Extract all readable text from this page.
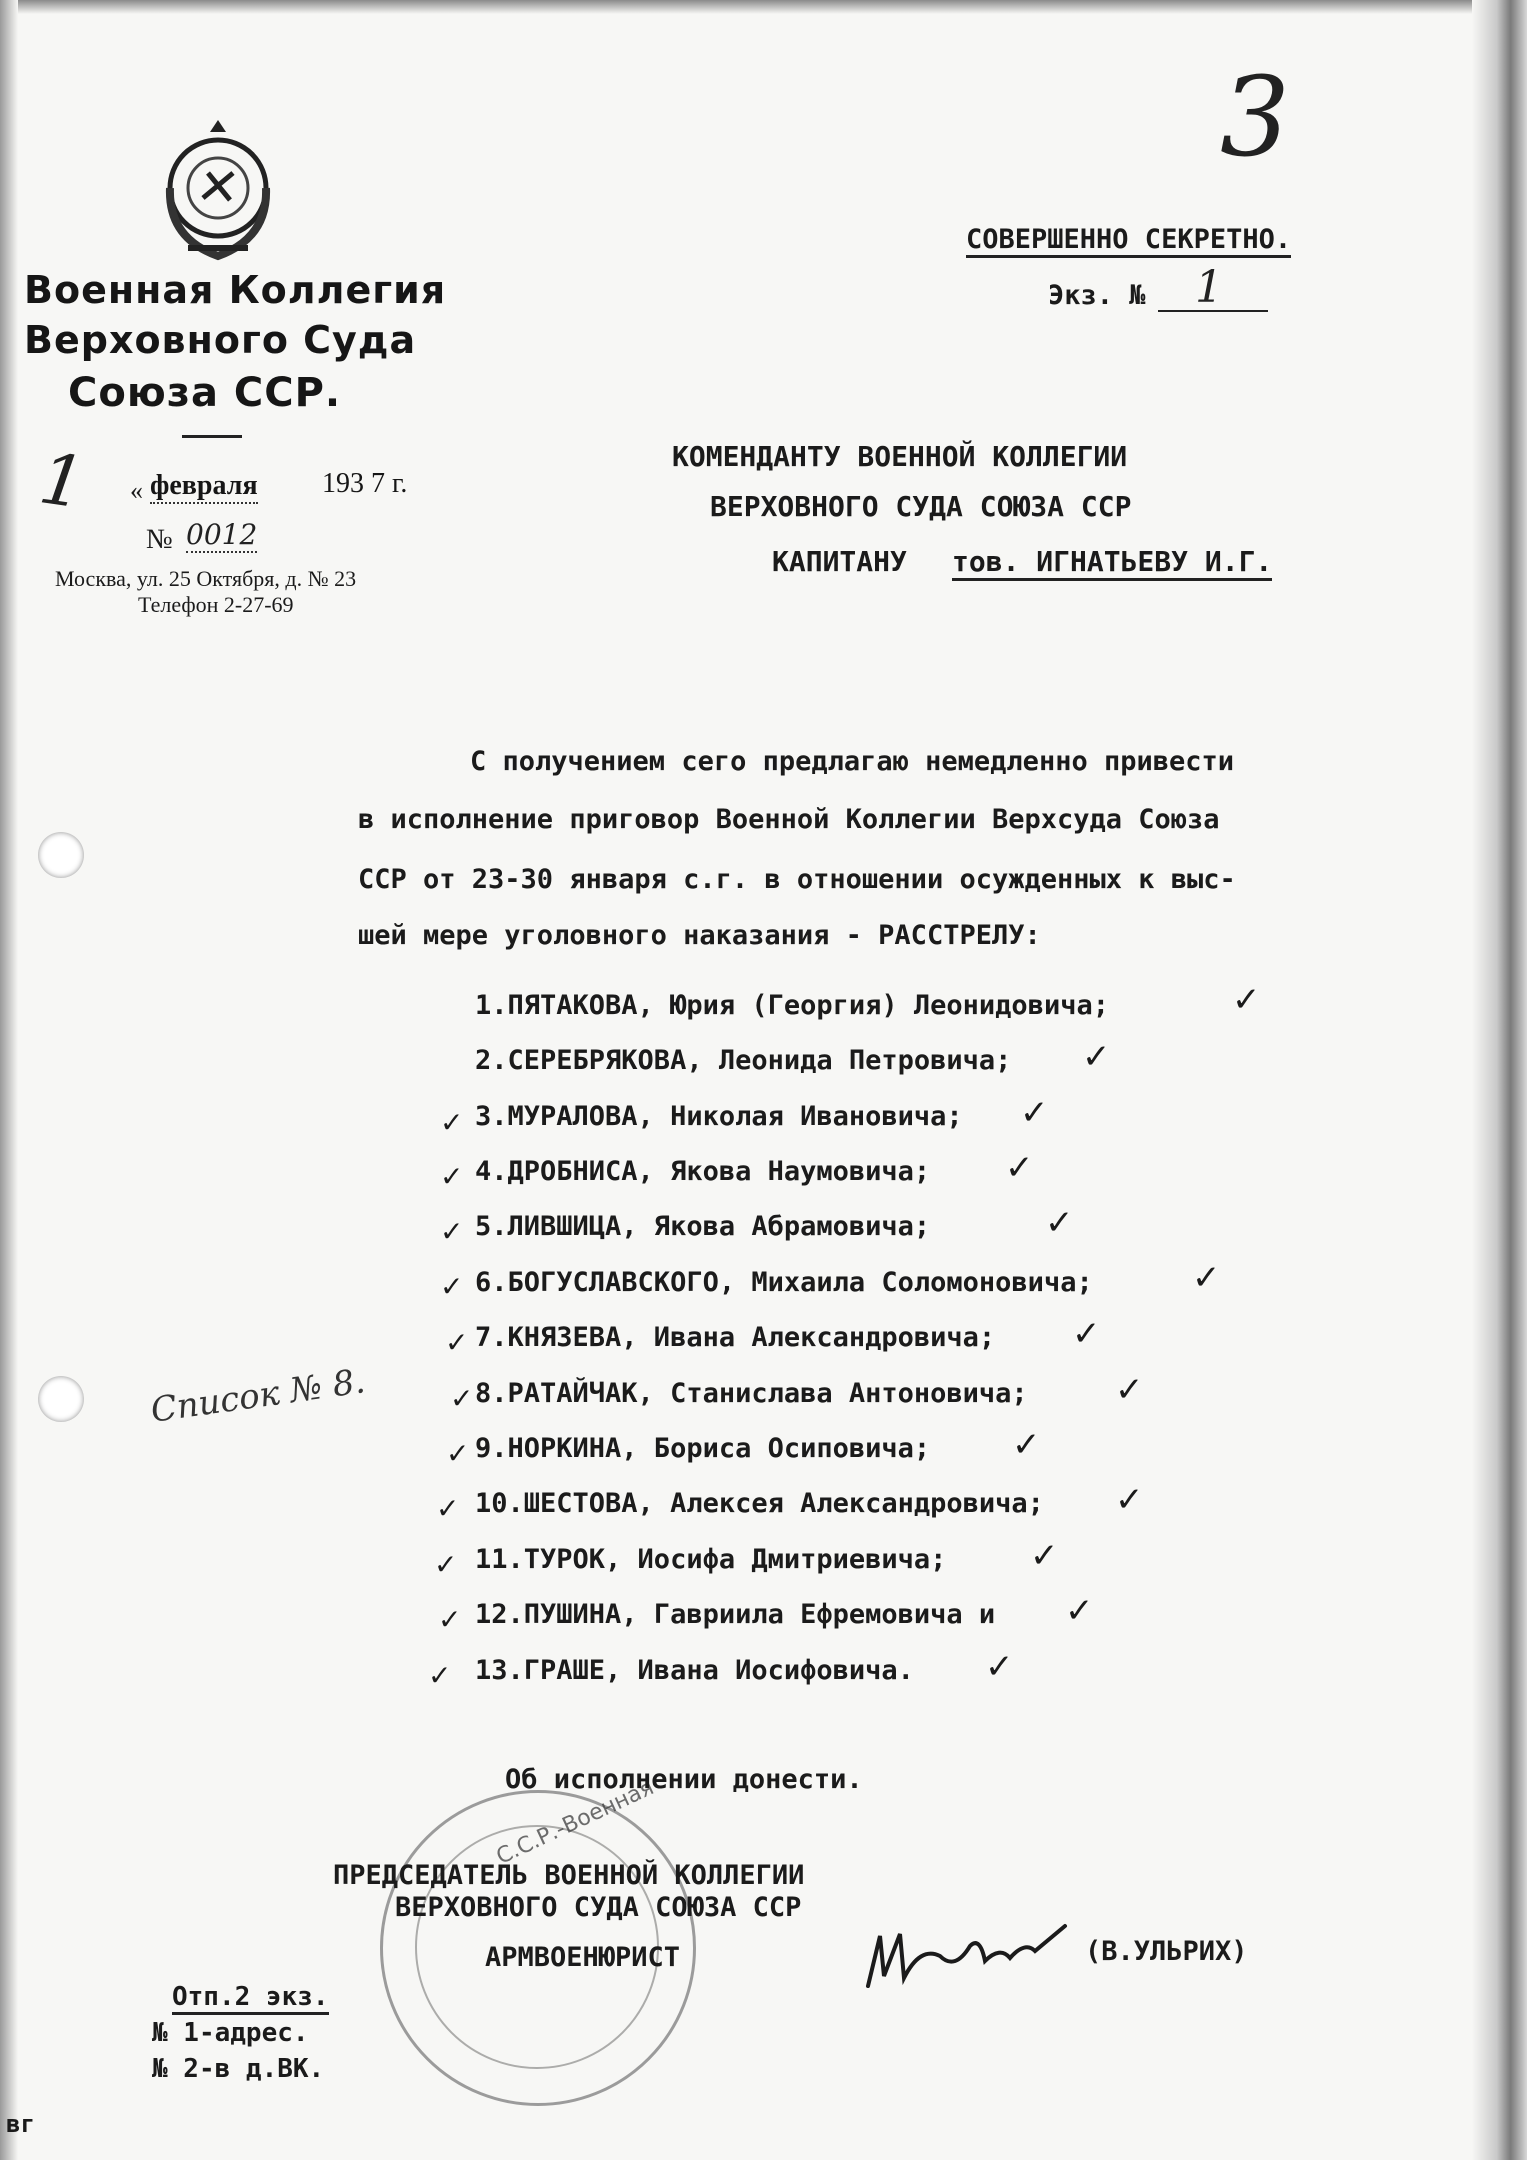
3
Военная Коллегия
Верховного Суда
Союза ССР.
1 « февраля 193 7 г.
№ 0012
Москва, ул. 25 Октября, д. № 23
Телефон 2-27-69
СОВЕРШЕННО СЕКРЕТНО.
Экз. № 1
КОМЕНДАНТУ ВОЕННОЙ КОЛЛЕГИИ
ВЕРХОВНОГО СУДА СОЮЗА ССР
КАПИТАНУ тов. ИГНАТЬЕВУ И.Г.
С получением сего предлагаю немедленно привести
в исполнение приговор Военной Коллегии Верхсуда Союза
ССР от 23-30 января с.г. в отношении осужденных к выс-
шей мере уголовного наказания - РАССТРЕЛУ:
1.ПЯТАКОВА, Юрия (Георгия) Леонидовича;
2.СЕРЕБРЯКОВА, Леонида Петровича;
3.МУРАЛОВА, Николая Ивановича;
4.ДРОБНИСА, Якова Наумовича;
5.ЛИВШИЦА, Якова Абрамовича;
6.БОГУСЛАВСКОГО, Михаила Соломоновича;
7.КНЯЗЕВА, Ивана Александровича;
8.РАТАЙЧАК, Станислава Антоновича;
9.НОРКИНА, Бориса Осиповича;
10.ШЕСТОВА, Алексея Александровича;
11.ТУРОК, Иосифа Дмитриевича;
12.ПУШИНА, Гавриила Ефремовича и
13.ГРАШЕ, Ивана Иосифовича.
✓
✓
✓
✓
✓
✓
✓
✓
✓
✓
✓
✓
✓
✓
✓
✓
✓
✓
✓
✓
✓
✓
✓
✓
Список № 8.
С.С.Р.-Военная
Об исполнении донести.
ПРЕДСЕДАТЕЛЬ ВОЕННОЙ КОЛЛЕГИИ
ВЕРХОВНОГО СУДА СОЮЗА ССР
АРМВОЕНЮРИСТ	(В.УЛЬРИХ)
Отп.2 экз.
№ 1-адрес.
№ 2-в д.ВК.
вг
